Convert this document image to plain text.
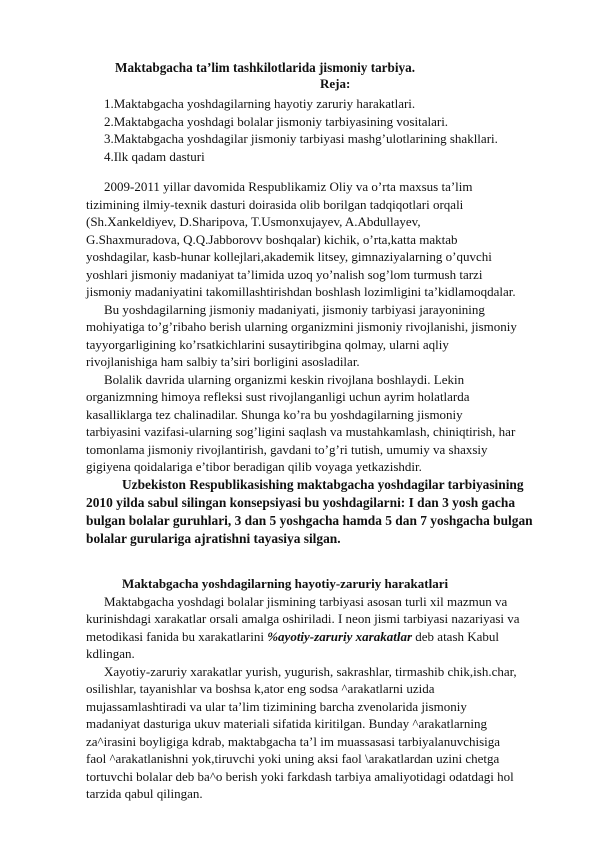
Maktabgacha ta’lim tashkilotlarida jismoniy tarbiya.
Reja:
1.Maktabgacha yoshdagilarning hayotiy zaruriy harakatlari.
2.Maktabgacha yoshdagi bolalar jismoniy tarbiyasining vositalari.
3.Maktabgacha yoshdagilar jismoniy tarbiyasi mashg’ulotlarining shakllari.
4.Ilk qadam dasturi
2009-2011 yillar davomida Respublikamiz Oliy va o’rta maxsus ta’lim
tizimining ilmiy-texnik dasturi doirasida olib borilgan tadqiqotlari orqali
(Sh.Xankeldiyev, D.Sharipova, T.Usmonxujayev, A.Abdullayev,
G.Shaxmuradova, Q.Q.Jabborovv boshqalar) kichik, o’rta,katta maktab
yoshdagilar, kasb-hunar kollejlari,akademik litsey, gimnaziyalarning o’quvchi
yoshlari jismoniy madaniyat ta’limida uzoq yo’nalish sog’lom turmush tarzi
jismoniy madaniyatini takomillashtirishdan boshlash lozimligini ta’kidlamoqdalar.
Bu yoshdagilarning jismoniy madaniyati, jismoniy tarbiyasi jarayonining
mohiyatiga to’g’ribaho berish ularning organizmini jismoniy rivojlanishi, jismoniy
tayyorgarligining ko’rsatkichlarini susaytiribgina qolmay, ularni aqliy
rivojlanishiga ham salbiy ta’siri borligini asosladilar.
Bolalik davrida ularning organizmi keskin rivojlana boshlaydi. Lekin
organizmning himoya refleksi sust rivojlanganligi uchun ayrim holatlarda
kasalliklarga tez chalinadilar. Shunga ko’ra bu yoshdagilarning jismoniy
tarbiyasini vazifasi-ularning sog’ligini saqlash va mustahkamlash, chiniqtirish, har
tomonlama jismoniy rivojlantirish, gavdani to’g’ri tutish, umumiy va shaxsiy
gigiyena qoidalariga e’tibor beradigan qilib voyaga yetkazishdir.
Uzbekiston Respublikasishing maktabgacha yoshdagilar tarbiyasining
2010 yilda sabul silingan konsepsiyasi bu yoshdagilarni: I dan 3 yosh gacha
bulgan bolalar guruhlari, 3 dan 5 yoshgacha hamda 5 dan 7 yoshgacha bulgan
bolalar gurulariga ajratishni tayasiya silgan.
Maktabgacha yoshdagilarning hayotiy-zaruriy harakatlari
Maktabgacha yoshdagi bolalar jismining tarbiyasi asosan turli xil mazmun va
kurinishdagi xarakatlar orsali amalga oshiriladi. I neon jismi tarbiyasi nazariyasi va
metodikasi fanida bu xarakatlarini %ayotiy-zaruriy xarakatlar deb atash Kabul
kdlingan.
Xayotiy-zaruriy xarakatlar yurish, yugurish, sakrashlar, tirmashib chik,ish.char,
osilishlar, tayanishlar va boshsa k,ator eng sodsa ^arakatlarni uzida
mujassamlashtiradi va ular ta’lim tizimining barcha zvenolarida jismoniy
madaniyat dasturiga ukuv materiali sifatida kiritilgan. Bunday ^arakatlarning
za^irasini boyligiga kdrab, maktabgacha ta’l im muassasasi tarbiyalanuvchisiga
faol ^arakatlanishni yok,tiruvchi yoki uning aksi faol \arakatlardan uzini chetga
tortuvchi bolalar deb ba^o berish yoki farkdash tarbiya amaliyotidagi odatdagi hol
tarzida qabul qilingan.
